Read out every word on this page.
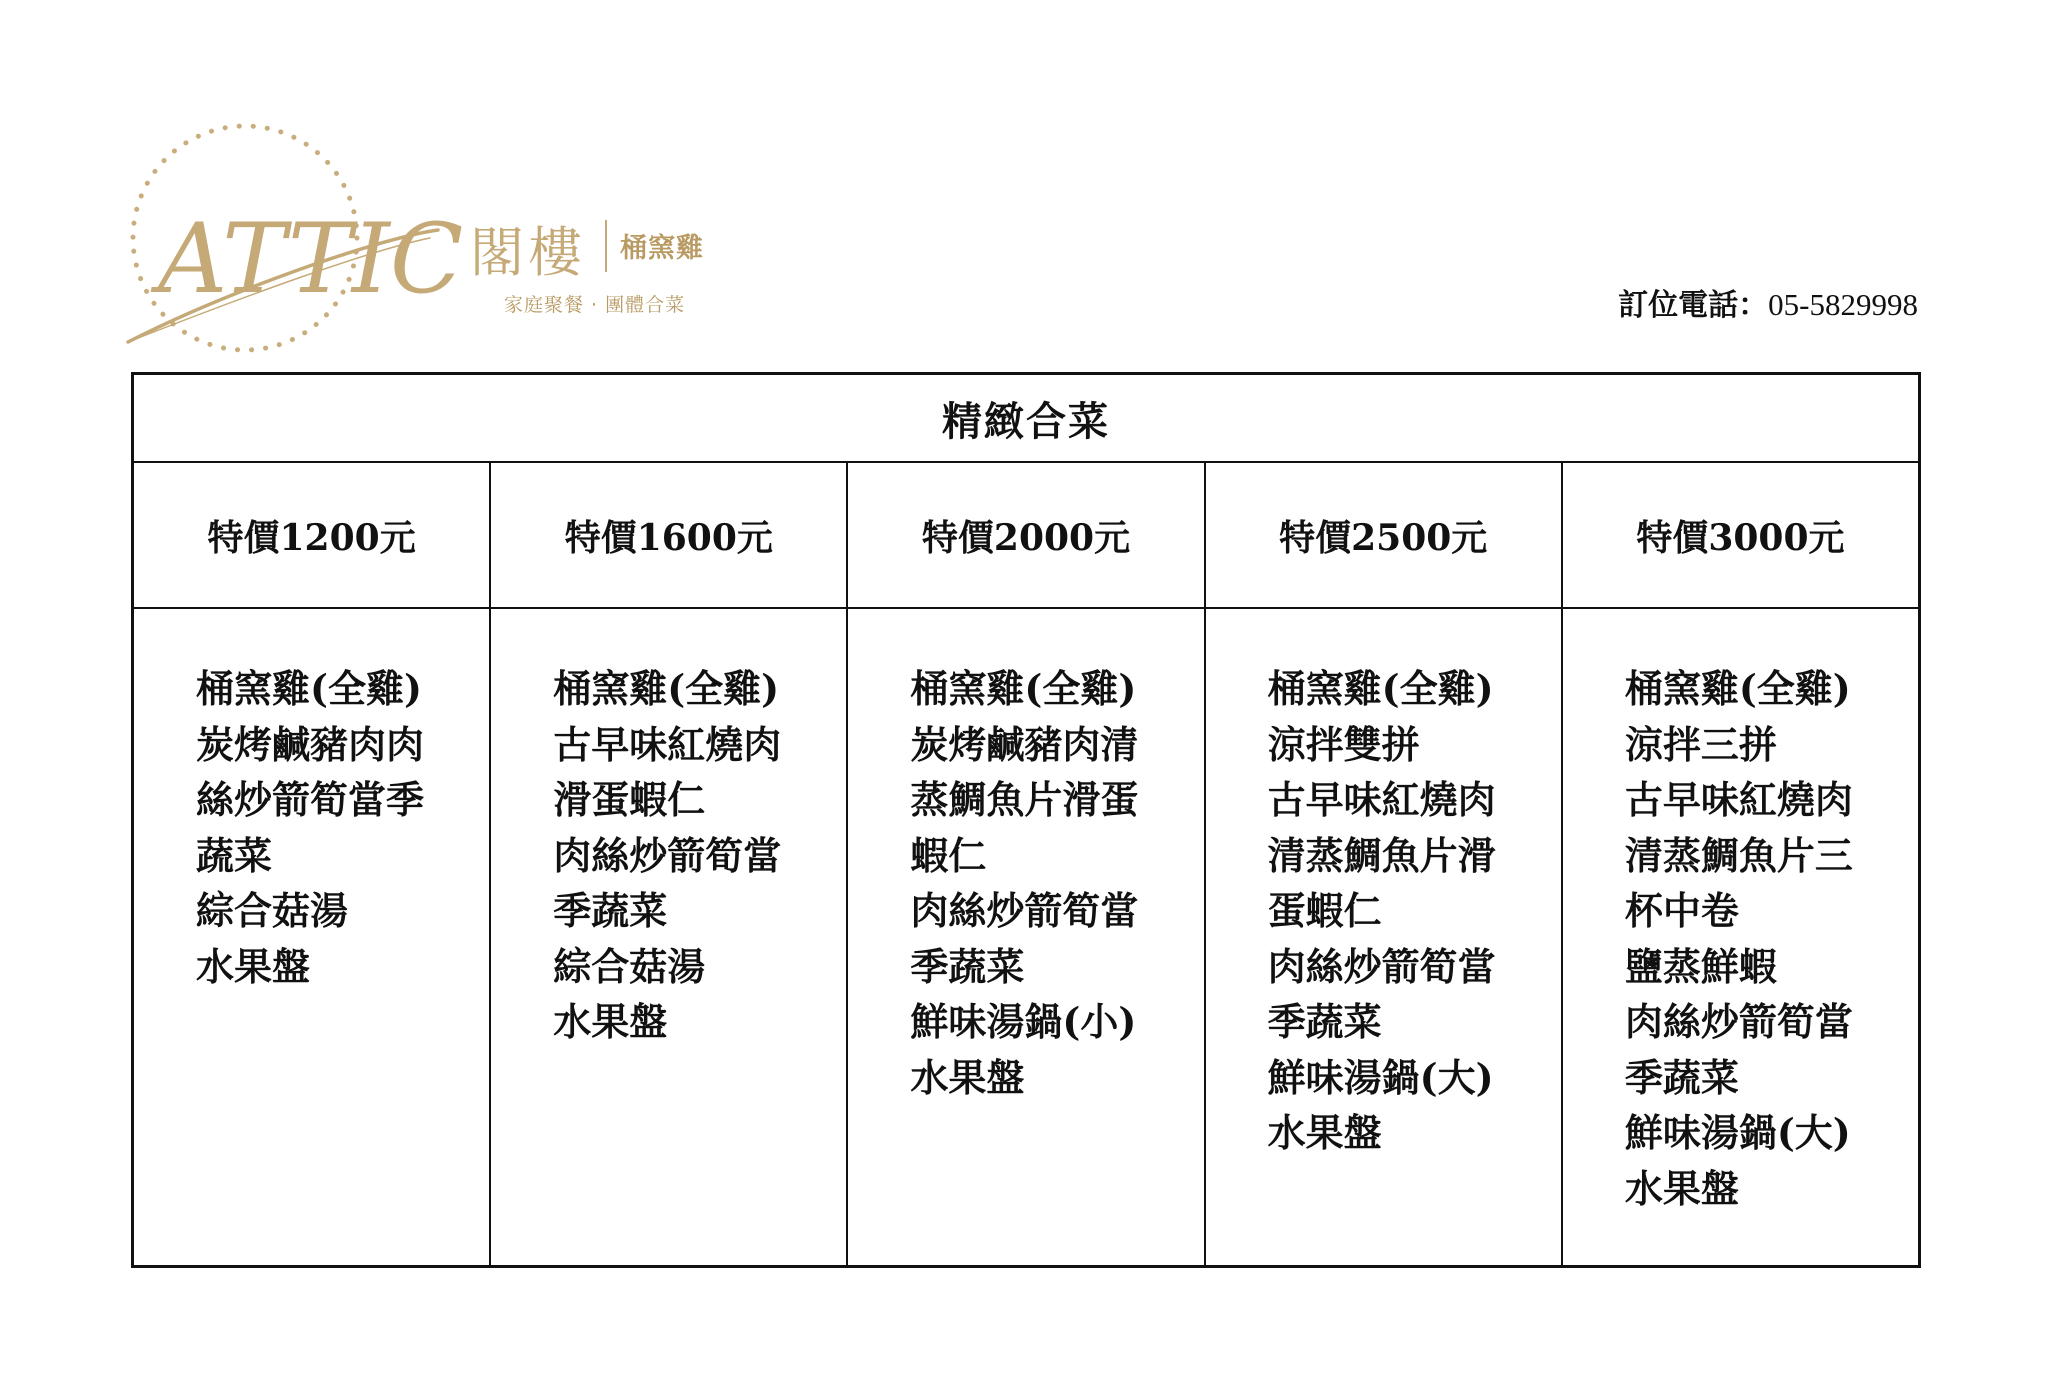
ATTIC 閣樓 桶窯雞
家庭聚餐 · 團體合菜	訂位電話：05-5829998
精緻合菜
特價1200元
桶窯雞(全雞)
炭烤鹹豬肉肉
絲炒箭筍當季
蔬菜
綜合菇湯
水果盤
特價1600元
桶窯雞(全雞)
古早味紅燒肉
滑蛋蝦仁
肉絲炒箭筍當
季蔬菜
綜合菇湯
水果盤
特價2000元
桶窯雞(全雞)
炭烤鹹豬肉清
蒸鯛魚片滑蛋
蝦仁
肉絲炒箭筍當
季蔬菜
鮮味湯鍋(小)
水果盤
特價2500元
桶窯雞(全雞)
涼拌雙拼
古早味紅燒肉
清蒸鯛魚片滑
蛋蝦仁
肉絲炒箭筍當
季蔬菜
鮮味湯鍋(大)
水果盤
特價3000元
桶窯雞(全雞)
涼拌三拼
古早味紅燒肉
清蒸鯛魚片三
杯中卷
鹽蒸鮮蝦
肉絲炒箭筍當
季蔬菜
鮮味湯鍋(大)
水果盤
